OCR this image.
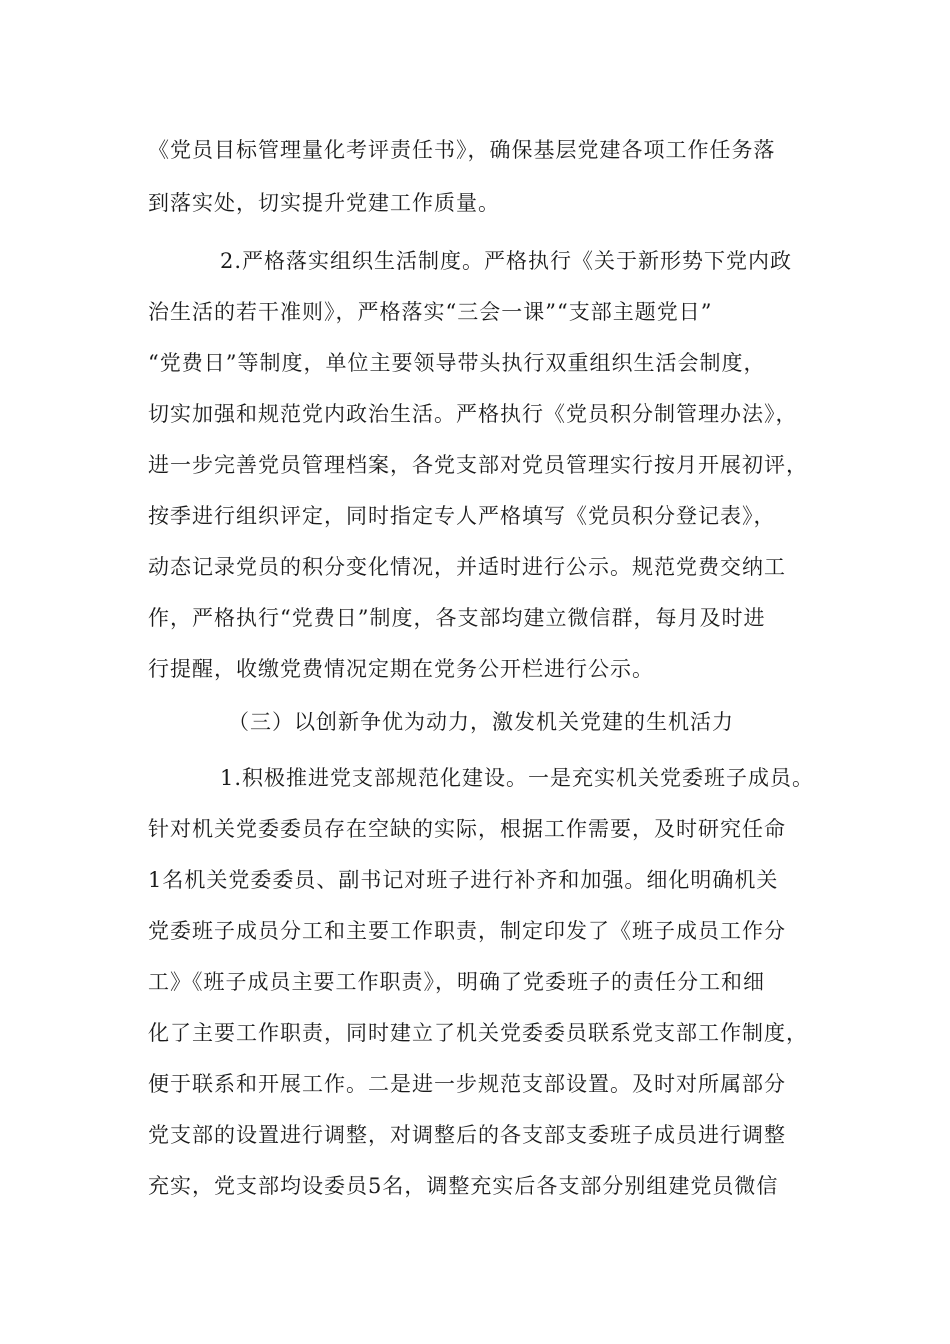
《党员目标管理量化考评责任书》，确保基层党建各项工作任务落
到落实处，切实提升党建工作质量。
2.严格落实组织生活制度。严格执行《关于新形势下党内政
治生活的若干准则》，严格落实“三会一课”“支部主题党日”
“党费日”等制度，单位主要领导带头执行双重组织生活会制度，
切实加强和规范党内政治生活。严格执行《党员积分制管理办法》，
进一步完善党员管理档案，各党支部对党员管理实行按月开展初评，
按季进行组织评定，同时指定专人严格填写《党员积分登记表》，
动态记录党员的积分变化情况，并适时进行公示。规范党费交纳工
作，严格执行“党费日”制度，各支部均建立微信群，每月及时进
行提醒，收缴党费情况定期在党务公开栏进行公示。
（三）以创新争优为动力，激发机关党建的生机活力
1.积极推进党支部规范化建设。一是充实机关党委班子成员。
针对机关党委委员存在空缺的实际，根据工作需要，及时研究任命
1名机关党委委员、副书记对班子进行补齐和加强。细化明确机关
党委班子成员分工和主要工作职责，制定印发了《班子成员工作分
工》《班子成员主要工作职责》，明确了党委班子的责任分工和细
化了主要工作职责，同时建立了机关党委委员联系党支部工作制度，
便于联系和开展工作。二是进一步规范支部设置。及时对所属部分
党支部的设置进行调整，对调整后的各支部支委班子成员进行调整
充实，党支部均设委员5名，调整充实后各支部分别组建党员微信
